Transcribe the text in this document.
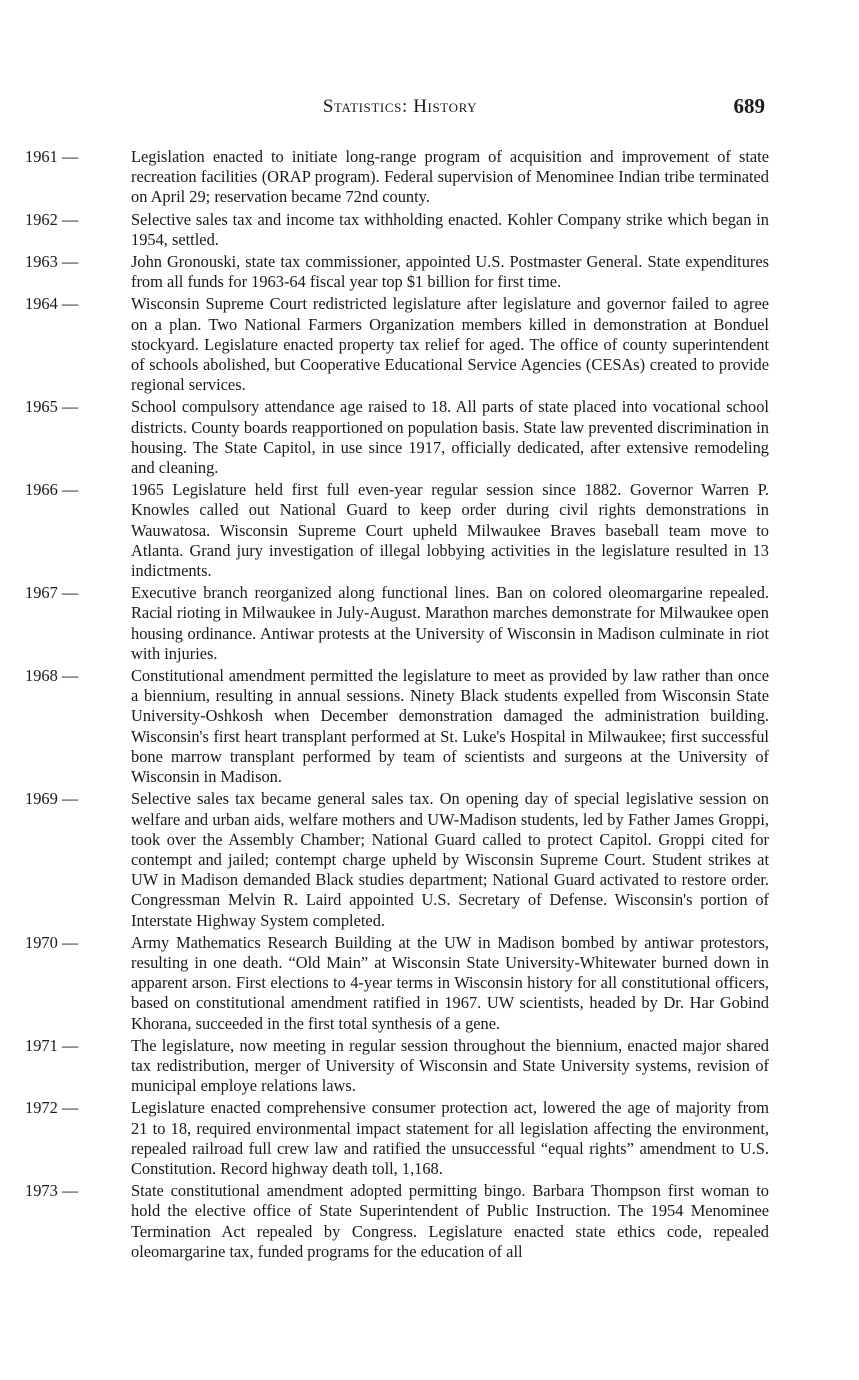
Statistics: History	689
1961 —	Legislation enacted to initiate long-range program of acquisition and improvement of state recreation facilities (ORAP program). Federal supervision of Menominee Indian tribe terminated on April 29; reservation became 72nd county.
1962 —	Selective sales tax and income tax withholding enacted. Kohler Company strike which began in 1954, settled.
1963 —	John Gronouski, state tax commissioner, appointed U.S. Postmaster General. State expenditures from all funds for 1963-64 fiscal year top $1 billion for first time.
1964 —	Wisconsin Supreme Court redistricted legislature after legislature and governor failed to agree on a plan. Two National Farmers Organization members killed in demonstration at Bonduel stockyard. Legislature enacted property tax relief for aged. The office of county superintendent of schools abolished, but Cooperative Educational Service Agencies (CESAs) created to provide regional services.
1965 —	School compulsory attendance age raised to 18. All parts of state placed into vocational school districts. County boards reapportioned on population basis. State law prevented discrimination in housing. The State Capitol, in use since 1917, officially dedicated, after extensive remodeling and cleaning.
1966 —	1965 Legislature held first full even-year regular session since 1882. Governor Warren P. Knowles called out National Guard to keep order during civil rights demonstrations in Wauwatosa. Wisconsin Supreme Court upheld Milwaukee Braves baseball team move to Atlanta. Grand jury investigation of illegal lobbying activities in the legislature resulted in 13 indictments.
1967 —	Executive branch reorganized along functional lines. Ban on colored oleomargarine repealed. Racial rioting in Milwaukee in July-August. Marathon marches demonstrate for Milwaukee open housing ordinance. Antiwar protests at the University of Wisconsin in Madison culminate in riot with injuries.
1968 —	Constitutional amendment permitted the legislature to meet as provided by law rather than once a biennium, resulting in annual sessions. Ninety Black students expelled from Wisconsin State University-Oshkosh when December demonstration damaged the administration building. Wisconsin's first heart transplant performed at St. Luke's Hospital in Milwaukee; first successful bone marrow transplant performed by team of scientists and surgeons at the University of Wisconsin in Madison.
1969 —	Selective sales tax became general sales tax. On opening day of special legislative session on welfare and urban aids, welfare mothers and UW-Madison students, led by Father James Groppi, took over the Assembly Chamber; National Guard called to protect Capitol. Groppi cited for contempt and jailed; contempt charge upheld by Wisconsin Supreme Court. Student strikes at UW in Madison demanded Black studies department; National Guard activated to restore order. Congressman Melvin R. Laird appointed U.S. Secretary of Defense. Wisconsin's portion of Interstate Highway System completed.
1970 —	Army Mathematics Research Building at the UW in Madison bombed by antiwar protestors, resulting in one death. “Old Main” at Wisconsin State University-Whitewater burned down in apparent arson. First elections to 4-year terms in Wisconsin history for all constitutional officers, based on constitutional amendment ratified in 1967. UW scientists, headed by Dr. Har Gobind Khorana, succeeded in the first total synthesis of a gene.
1971 —	The legislature, now meeting in regular session throughout the biennium, enacted major shared tax redistribution, merger of University of Wisconsin and State University systems, revision of municipal employe relations laws.
1972 —	Legislature enacted comprehensive consumer protection act, lowered the age of majority from 21 to 18, required environmental impact statement for all legislation affecting the environment, repealed railroad full crew law and ratified the unsuccessful “equal rights” amendment to U.S. Constitution. Record highway death toll, 1,168.
1973 —	State constitutional amendment adopted permitting bingo. Barbara Thompson first woman to hold the elective office of State Superintendent of Public Instruction. The 1954 Menominee Termination Act repealed by Congress. Legislature enacted state ethics code, repealed oleomargarine tax, funded programs for the education of all
